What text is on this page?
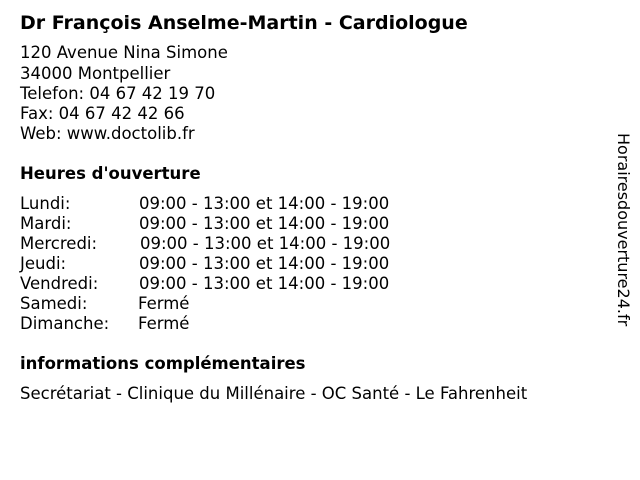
Dr François Anselme-Martin - Cardiologue
120 Avenue Nina Simone
34000 Montpellier
Telefon: 04 67 42 19 70
Fax: 04 67 42 42 66
Web: www.doctolib.fr
Heures d'ouverture
Lundi:	09:00 - 13:00 et 14:00 - 19:00
Mardi:	09:00 - 13:00 et 14:00 - 19:00
Mercredi:	09:00 - 13:00 et 14:00 - 19:00
Jeudi:	09:00 - 13:00 et 14:00 - 19:00
Vendredi: 09:00 - 13:00 et 14:00 - 19:00
Samedi:	Fermé
Dimanche: Fermé
informations complémentaires
Secrétariat - Clinique du Millénaire - OC Santé - Le Fahrenheit
Horairesdouverture24.fr
